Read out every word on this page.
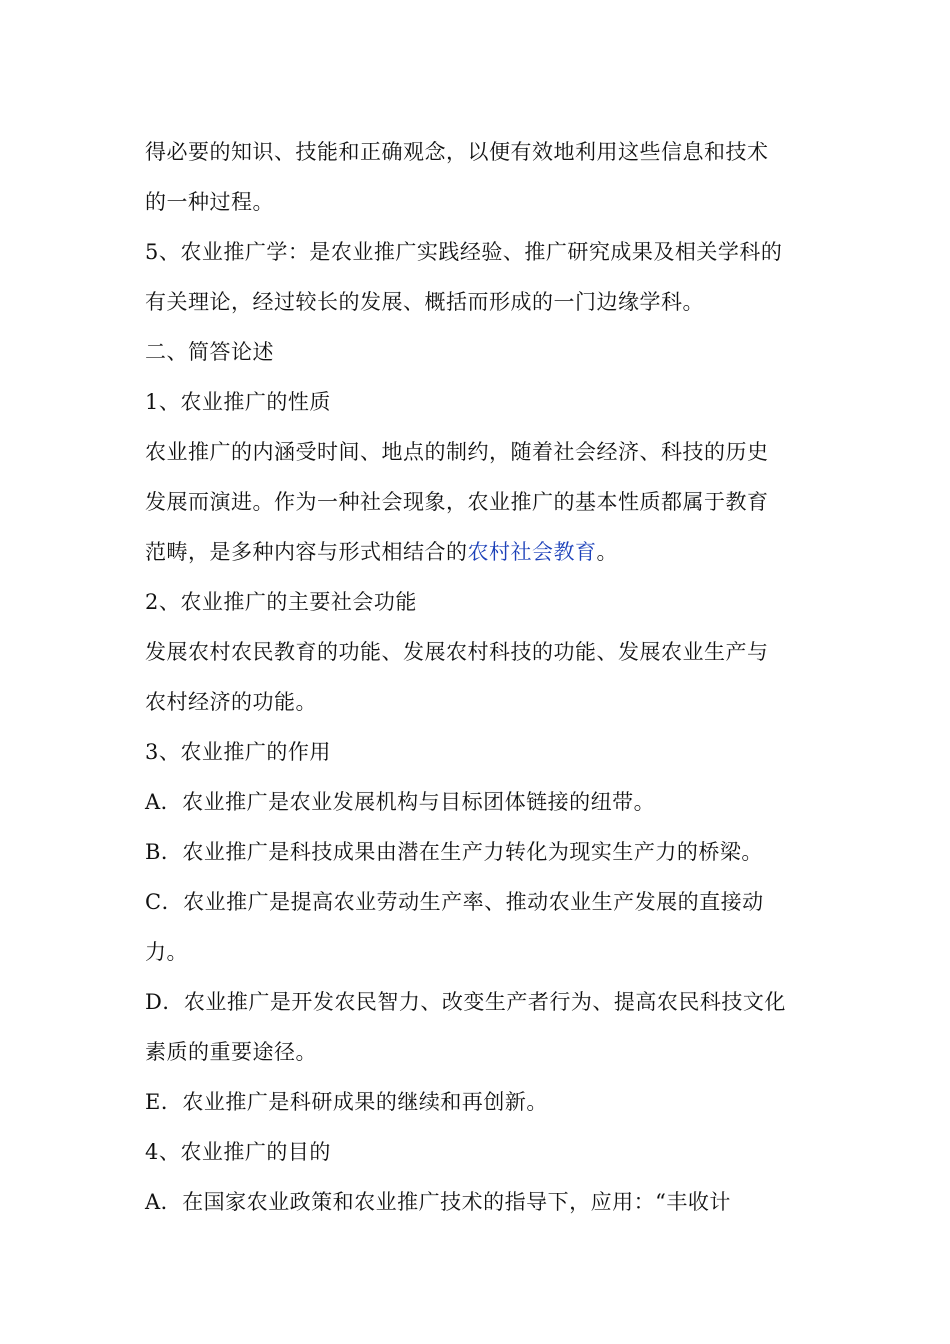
得必要的知识、技能和正确观念，以便有效地利用这些信息和技术
的一种过程。
5、农业推广学：是农业推广实践经验、推广研究成果及相关学科的
有关理论，经过较长的发展、概括而形成的一门边缘学科。
二、简答论述
1、农业推广的性质
农业推广的内涵受时间、地点的制约，随着社会经济、科技的历史
发展而演进。作为一种社会现象，农业推广的基本性质都属于教育
范畴，是多种内容与形式相结合的农村社会教育。
2、农业推广的主要社会功能
发展农村农民教育的功能、发展农村科技的功能、发展农业生产与
农村经济的功能。
3、农业推广的作用
A．农业推广是农业发展机构与目标团体链接的纽带。
B．农业推广是科技成果由潜在生产力转化为现实生产力的桥梁。
C．农业推广是提高农业劳动生产率、推动农业生产发展的直接动
力。
D．农业推广是开发农民智力、改变生产者行为、提高农民科技文化
素质的重要途径。
E．农业推广是科研成果的继续和再创新。
4、农业推广的目的
A．在国家农业政策和农业推广技术的指导下，应用：“丰收计
